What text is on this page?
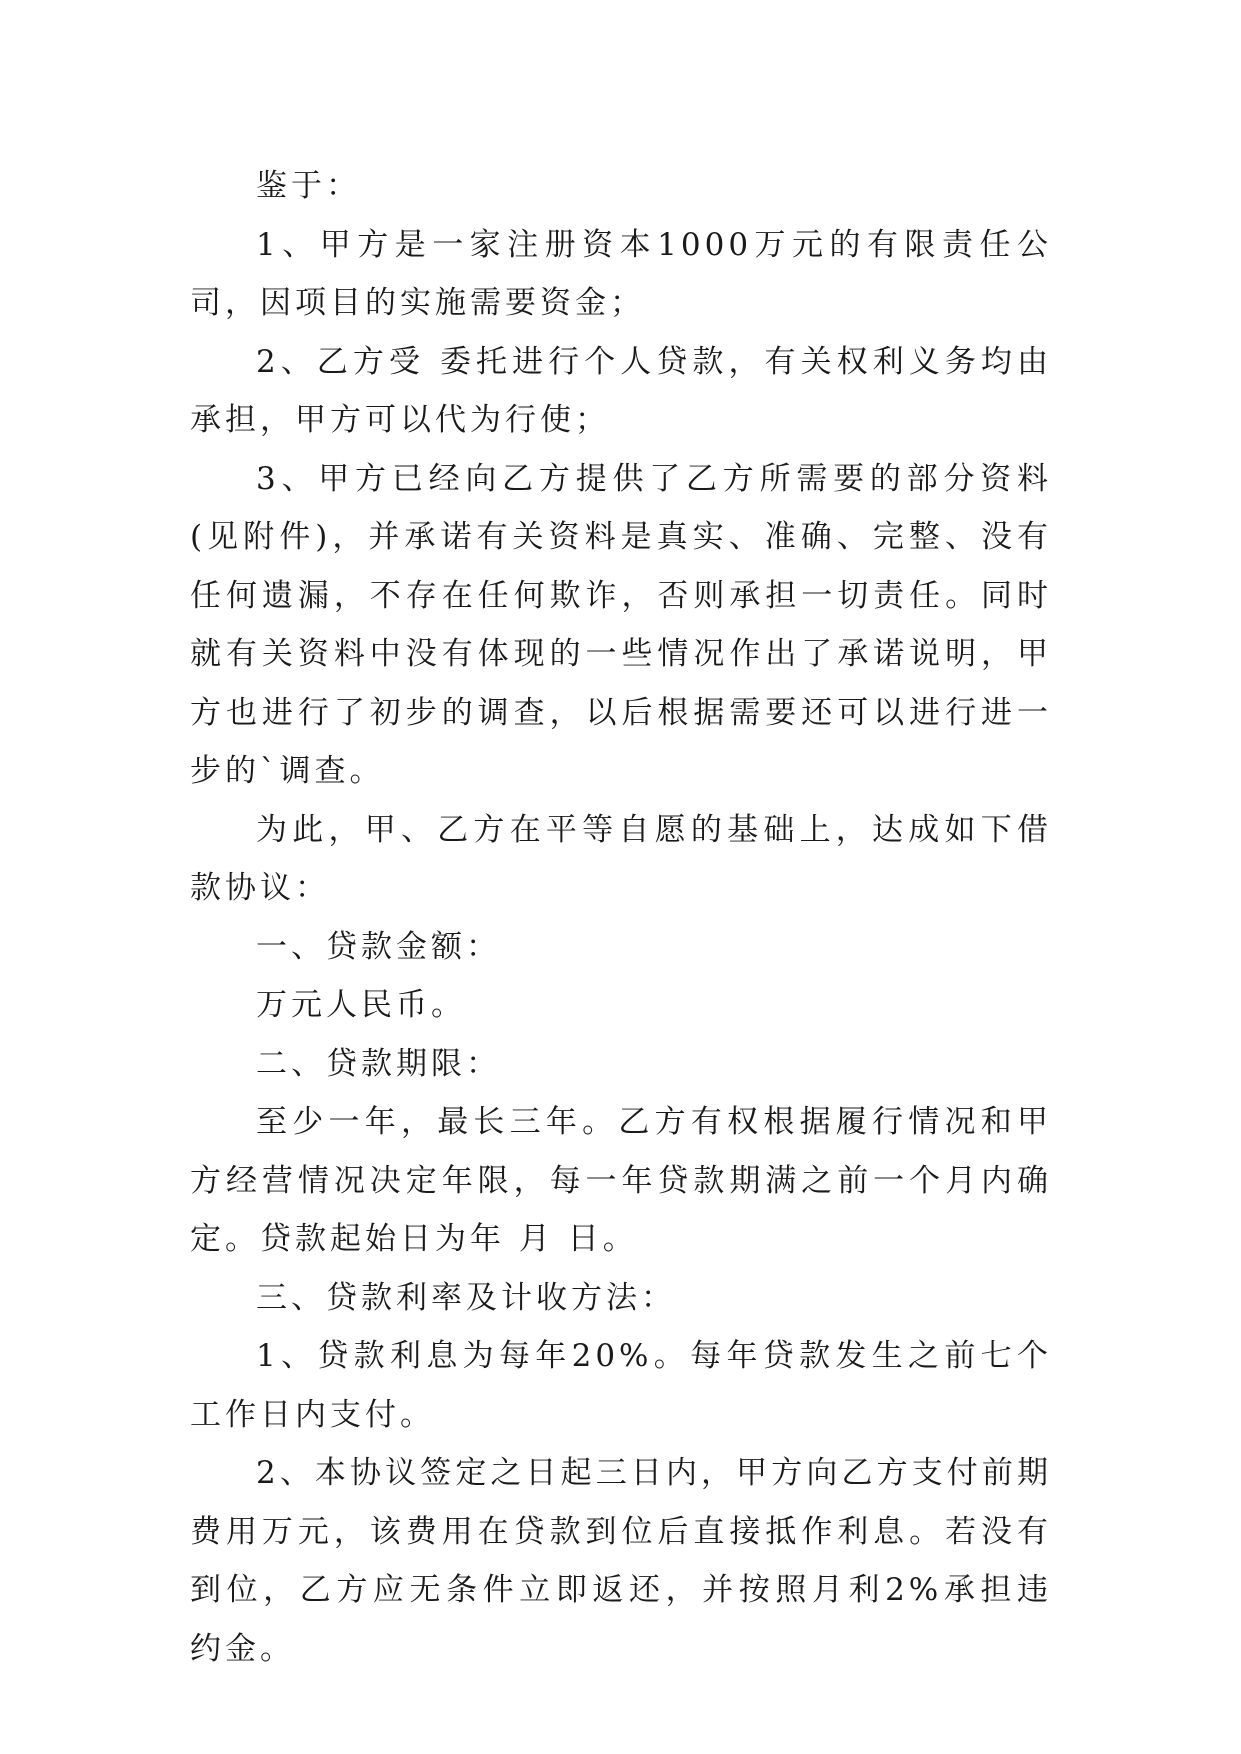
鉴于：

1、甲方是一家注册资本1000万元的有限责任公司，因项目的实施需要资金；

2、乙方受 委托进行个人贷款，有关权利义务均由 承担，甲方可以代为行使；

3、甲方已经向乙方提供了乙方所需要的部分资料(见附件)，并承诺有关资料是真实、准确、完整、没有任何遗漏，不存在任何欺诈，否则承担一切责任。同时就有关资料中没有体现的一些情况作出了承诺说明，甲方也进行了初步的调查，以后根据需要还可以进行进一步的`调查。

为此，甲、乙方在平等自愿的基础上，达成如下借款协议：

一、贷款金额：

万元人民币。

二、贷款期限：

至少一年，最长三年。乙方有权根据履行情况和甲方经营情况决定年限，每一年贷款期满之前一个月内确定。贷款起始日为年 月 日。

三、贷款利率及计收方法：

1、贷款利息为每年20%。每年贷款发生之前七个工作日内支付。

2、本协议签定之日起三日内，甲方向乙方支付前期费用万元，该费用在贷款到位后直接抵作利息。若没有到位，乙方应无条件立即返还，并按照月利2%承担违约金。
